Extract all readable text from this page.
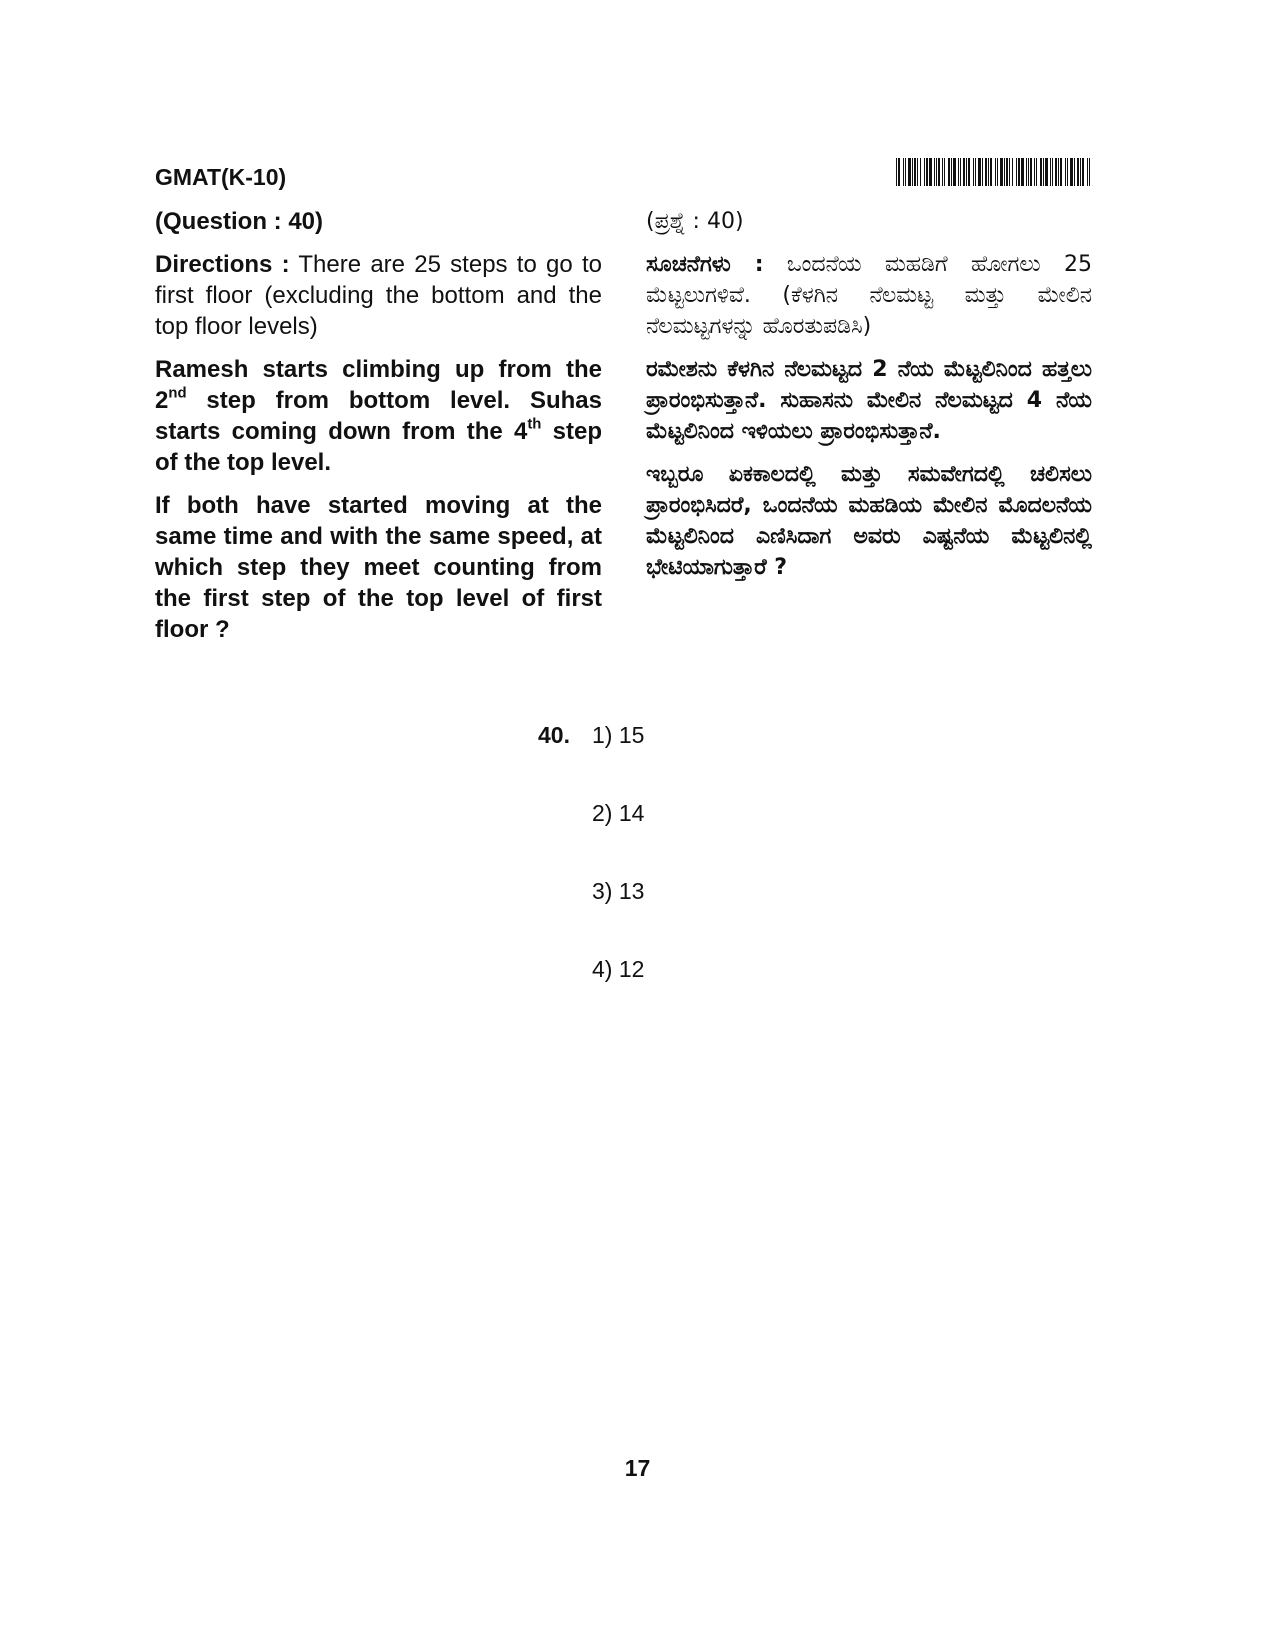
GMAT(K-10)
(Question : 40)

Directions : There are 25 steps to go to first floor (excluding the bottom and the top floor levels)

Ramesh starts climbing up from the 2nd step from bottom level. Suhas starts coming down from the 4th step of the top level.

If both have started moving at the same time and with the same speed, at which step they meet counting from the first step of the top level of first floor ?

(ಪ್ರಶ್ನೆ : 40)

ಸೂಚನೆಗಳು : ಒಂದನೆಯ ಮಹಡಿಗೆ ಹೋಗಲು 25 ಮೆಟ್ಟಲುಗಳಿವೆ. (ಕೆಳಗಿನ ನೆಲಮಟ್ಟ ಮತ್ತು ಮೇಲಿನ ನೆಲಮಟ್ಟಗಳನ್ನು ಹೊರತುಪಡಿಸಿ)

ರಮೇಶನು ಕೆಳಗಿನ ನೆಲಮಟ್ಟದ 2 ನೆಯ ಮೆಟ್ಟಲಿನಿಂದ ಹತ್ತಲು ಪ್ರಾರಂಭಿಸುತ್ತಾನೆ. ಸುಹಾಸನು ಮೇಲಿನ ನೆಲಮಟ್ಟದ 4 ನೆಯ ಮೆಟ್ಟಲಿನಿಂದ ಇಳಿಯಲು ಪ್ರಾರಂಭಿಸುತ್ತಾನೆ.

ಇಬ್ಬರೂ ಏಕಕಾಲದಲ್ಲಿ ಮತ್ತು ಸಮವೇಗದಲ್ಲಿ ಚಲಿಸಲು ಪ್ರಾರಂಭಿಸಿದರೆ, ಒಂದನೆಯ ಮಹಡಿಯ ಮೇಲಿನ ಮೊದಲನೆಯ ಮೆಟ್ಟಲಿನಿಂದ ಎಣಿಸಿದಾಗ ಅವರು ಎಷ್ಟನೆಯ ಮೆಟ್ಟಲಿನಲ್ಲಿ ಭೇಟಿಯಾಗುತ್ತಾರೆ ?

40. 1) 15
2) 14
3) 13
4) 12
17
